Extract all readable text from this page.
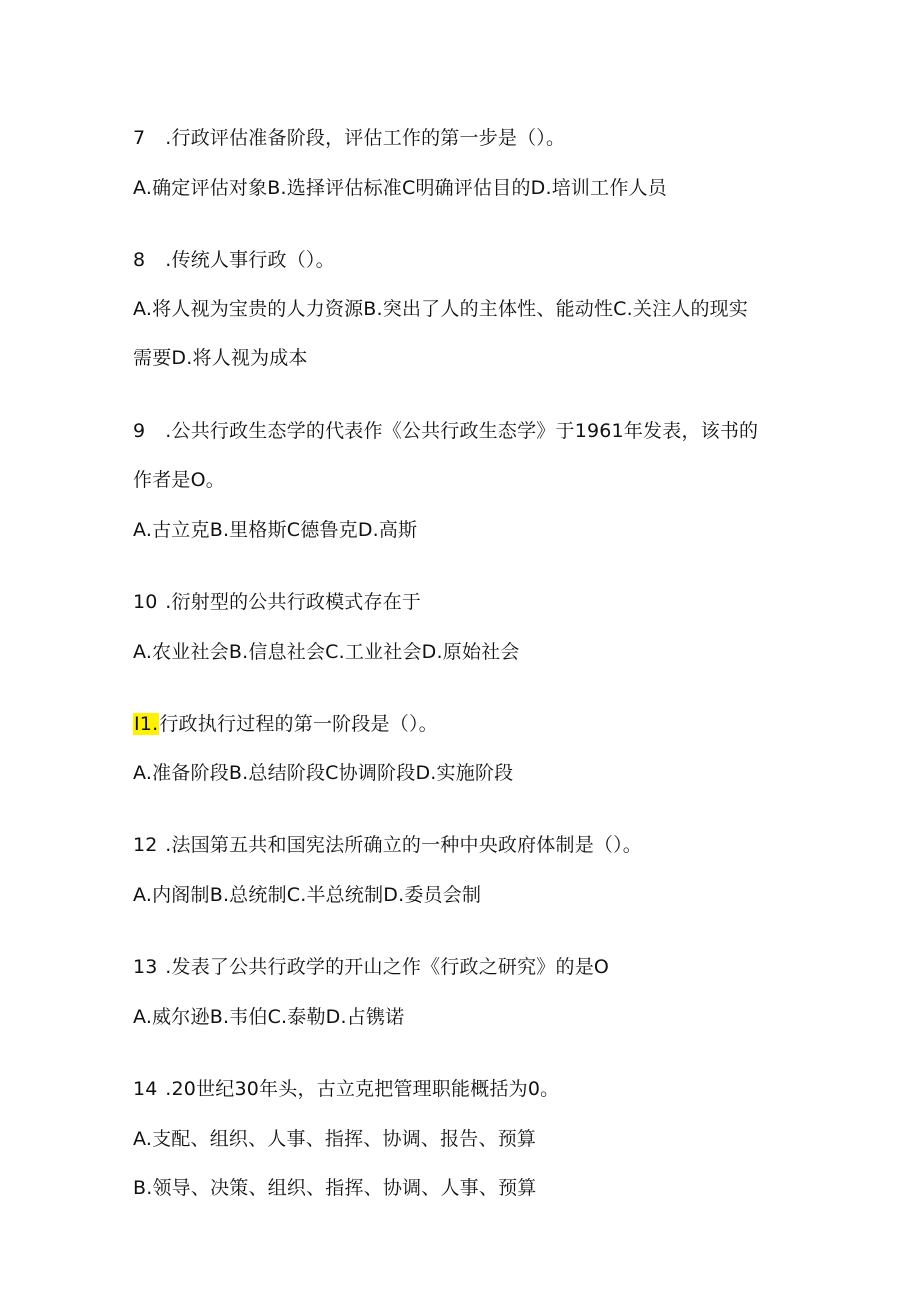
7 .行政评估准备阶段，评估工作的第一步是（）。
A.确定评估对象B.选择评估标准C明确评估目的D.培训工作人员
8 .传统人事行政（）。
A.将人视为宝贵的人力资源B.突出了人的主体性、能动性C.关注人的现实
需要D.将人视为成本
9 .公共行政生态学的代表作《公共行政生态学》于1961年发表，该书的
作者是O。
A.古立克B.里格斯C德鲁克D.高斯
10 .衍射型的公共行政模式存在于
A.农业社会B.信息社会C.工业社会D.原始社会
I1.行政执行过程的第一阶段是（）。
A.准备阶段B.总结阶段C协调阶段D.实施阶段
12 .法国第五共和国宪法所确立的一种中央政府体制是（）。
A.内阁制B.总统制C.半总统制D.委员会制
13 .发表了公共行政学的开山之作《行政之研究》的是O
A.威尔逊B.韦伯C.泰勒D.占镌诺
14 .20世纪30年头，古立克把管理职能概括为0。
A.支配、组织、人事、指挥、协调、报告、预算
B.领导、决策、组织、指挥、协调、人事、预算
